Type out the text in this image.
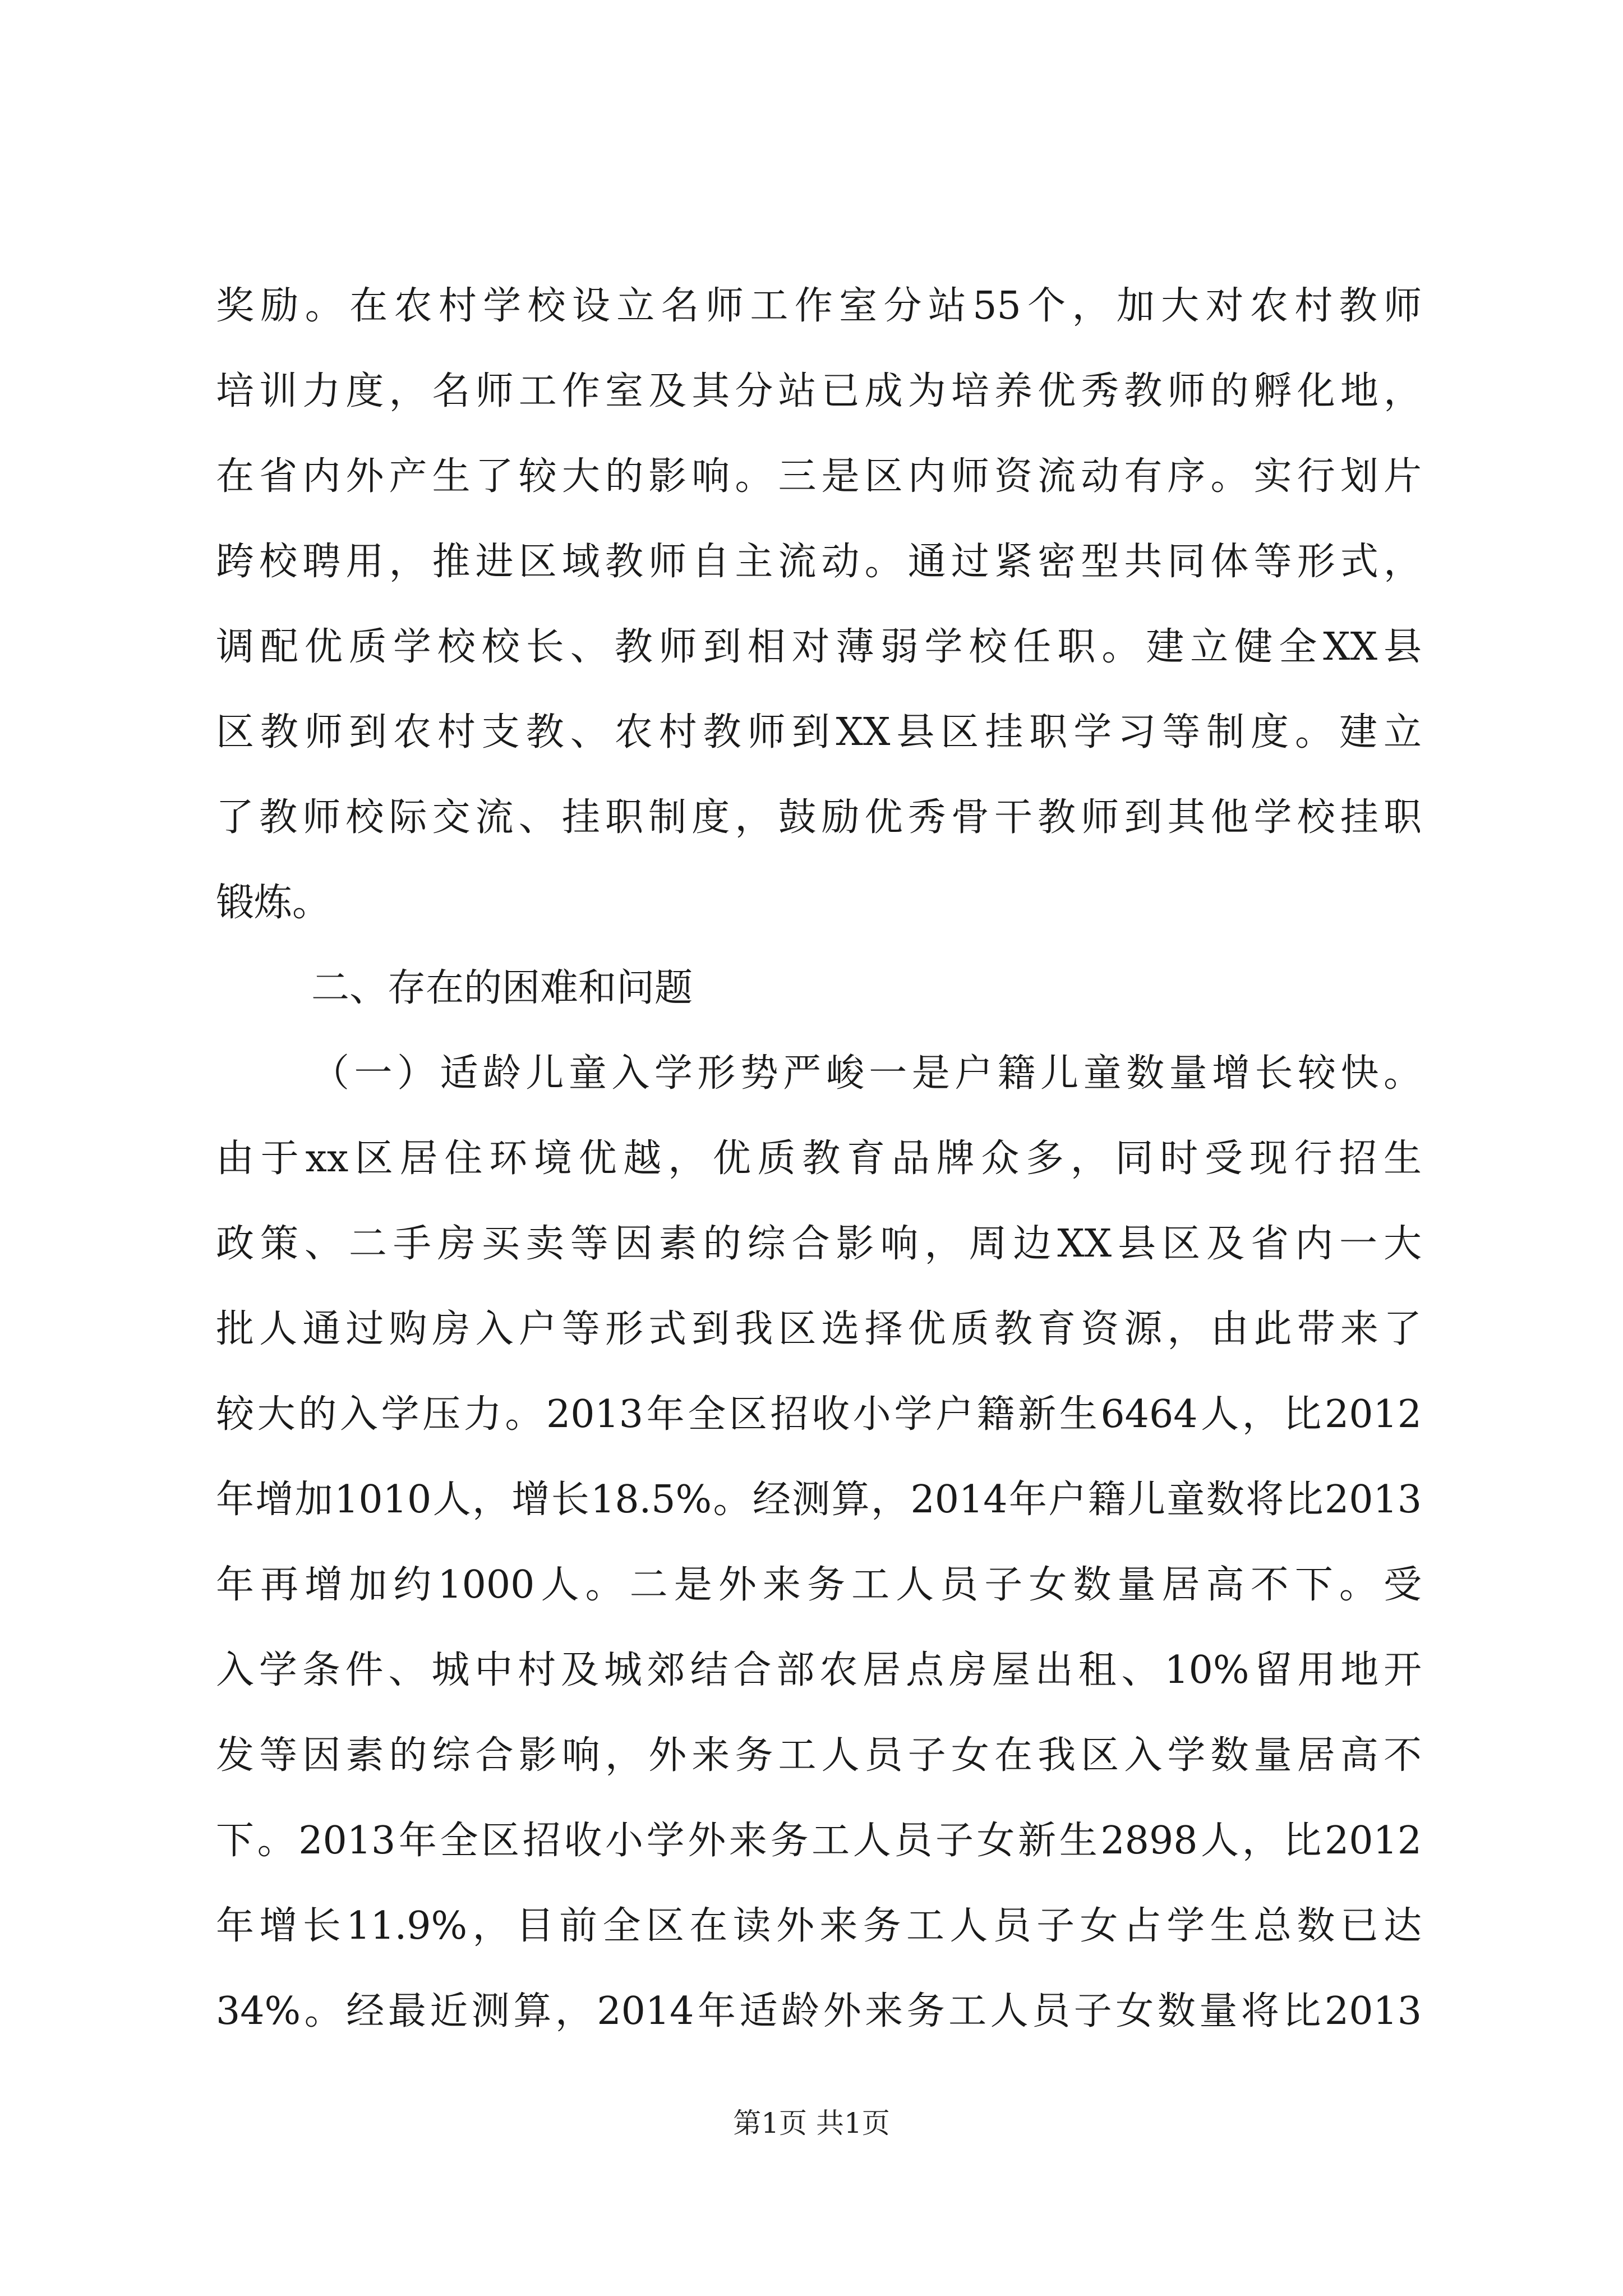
奖励。在农村学校设立名师工作室分站55个，加大对农村教师
培训力度，名师工作室及其分站已成为培养优秀教师的孵化地，
在省内外产生了较大的影响。三是区内师资流动有序。实行划片
跨校聘用，推进区域教师自主流动。通过紧密型共同体等形式，
调配优质学校校长、教师到相对薄弱学校任职。建立健全XX县
区教师到农村支教、农村教师到XX县区挂职学习等制度。建立
了教师校际交流、挂职制度，鼓励优秀骨干教师到其他学校挂职
锻炼。
二、存在的困难和问题
（一）适龄儿童入学形势严峻一是户籍儿童数量增长较快。
由于xx区居住环境优越，优质教育品牌众多，同时受现行招生
政策、二手房买卖等因素的综合影响，周边XX县区及省内一大
批人通过购房入户等形式到我区选择优质教育资源，由此带来了
较大的入学压力。2013年全区招收小学户籍新生6464人，比2012
年增加1010人，增长18.5%。经测算，2014年户籍儿童数将比2013
年再增加约1000人。二是外来务工人员子女数量居高不下。受
入学条件、城中村及城郊结合部农居点房屋出租、10%留用地开
发等因素的综合影响，外来务工人员子女在我区入学数量居高不
下。2013年全区招收小学外来务工人员子女新生2898人，比2012
年增长11.9%，目前全区在读外来务工人员子女占学生总数已达
34%。经最近测算，2014年适龄外来务工人员子女数量将比2013
第1页 共1页
